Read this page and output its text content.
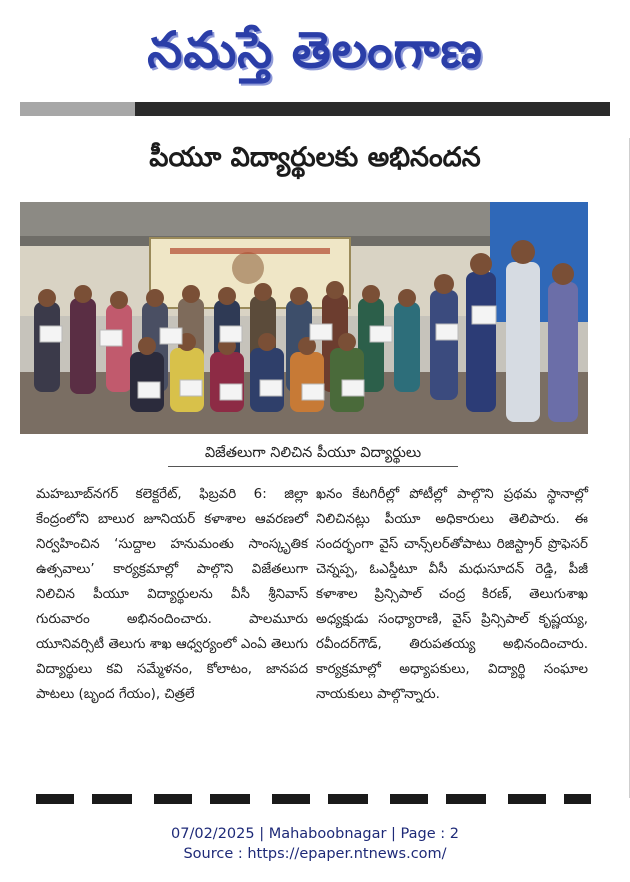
నమస్తే తెలంగాణ
పీయూ విద్యార్థులకు అభినందన
విజేతలుగా నిలిచిన పీయూ విద్యార్థులు
మహబూబ్‌నగర్ కలెక్టరేట్, ఫిబ్రవరి 6: జిల్లా కేంద్రంలోని బాలుర జూనియర్ కళాశాల ఆవరణలో నిర్వహించిన ‘సుద్దాల హనుమంతు సాంస్కృతిక ఉత్సవాలు’ కార్యక్రమాల్లో పాల్గొని విజేతలుగా నిలిచిన పీయూ విద్యార్థులను వీసీ శ్రీనివాస్ గురువారం అభినందించారు. పాలమూరు యూనివర్సిటీ తెలుగు శాఖ ఆధ్వర్యంలో ఎంఏ తెలుగు విద్యార్థులు కవి సమ్మేళనం, కోలాటం, జానపద పాటలు (బృంద గేయం), చిత్రలే
ఖనం కేటగిరీల్లో పోటీల్లో పాల్గొని ప్రథమ స్థానాల్లో నిలిచినట్లు పీయూ అధికారులు తెలిపారు. ఈ సందర్భంగా వైస్ చాన్స్‌లర్‌తోపాటు రిజిస్ట్రార్ ప్రొఫెసర్ చెన్నప్ప, ఓఎస్డీటూ వీసీ మధుసూదన్ రెడ్డి, పీజీ కళాశాల ప్రిన్సిపాల్ చంద్ర కిరణ్, తెలుగుశాఖ అధ్యక్షుడు సంధ్యారాణి, వైస్ ప్రిన్సిపాల్ కృష్ణయ్య, రవీందర్‌గౌడ్, తిరుపతయ్య అభినందించారు. కార్యక్రమాల్లో అధ్యాపకులు, విద్యార్థి సంఘాల నాయకులు పాల్గొన్నారు.
07/02/2025 | Mahaboobnagar | Page : 2
Source : https://epaper.ntnews.com/
